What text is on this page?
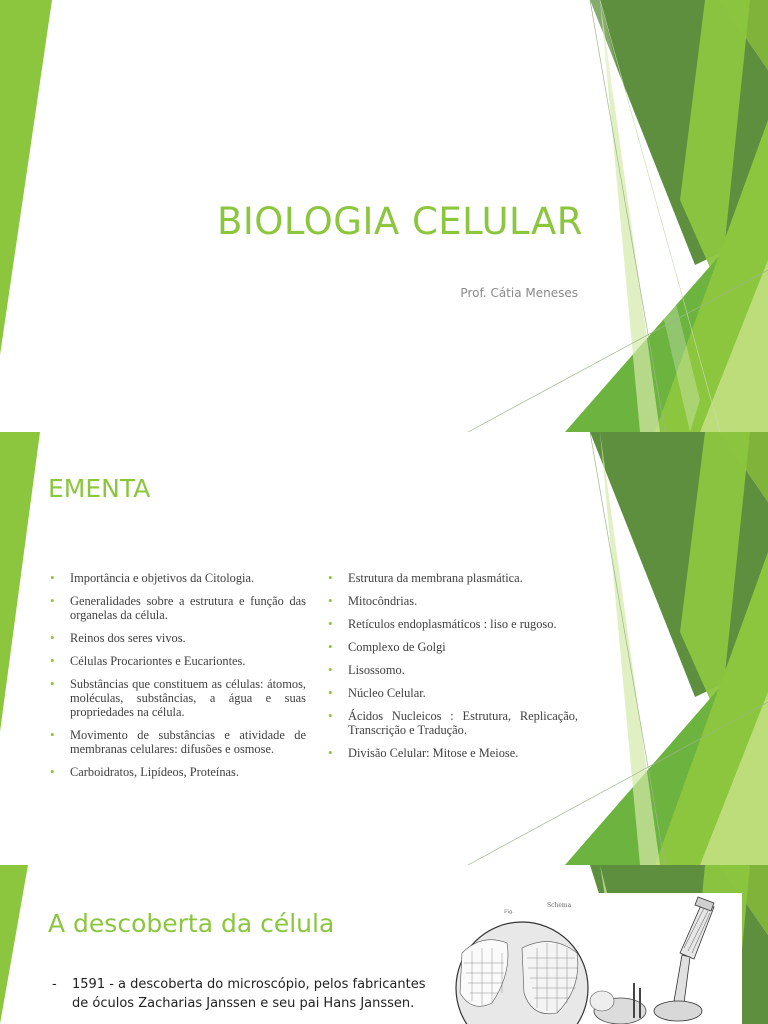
BIOLOGIA CELULAR
Prof. Cátia Meneses
EMENTA
• Importância e objetivos da Citologia.
• Generalidades sobre a estrutura e função das organelas da célula.
• Reinos dos seres vivos.
• Células Procariontes e Eucariontes.
• Substâncias que constituem as células: átomos, moléculas, substâncias, a água e suas propriedades na célula.
• Movimento de substâncias e atividade de membranas celulares: difusões e osmose.
• Carboidratos, Lipídeos, Proteínas.
• Estrutura da membrana plasmática.
• Mitocôndrias.
• Retículos endoplasmáticos : liso e rugoso.
• Complexo de Golgi
• Lisossomo.
• Núcleo Celular.
• Ácidos Nucleicos : Estrutura, Replicação, Transcrição e Tradução.
• Divisão Celular: Mitose e Meiose.
A descoberta da célula
- 1591 - a descoberta do microscópio, pelos fabricantes de óculos Zacharias Janssen e seu pai Hans Janssen.
Schema
Fig.
